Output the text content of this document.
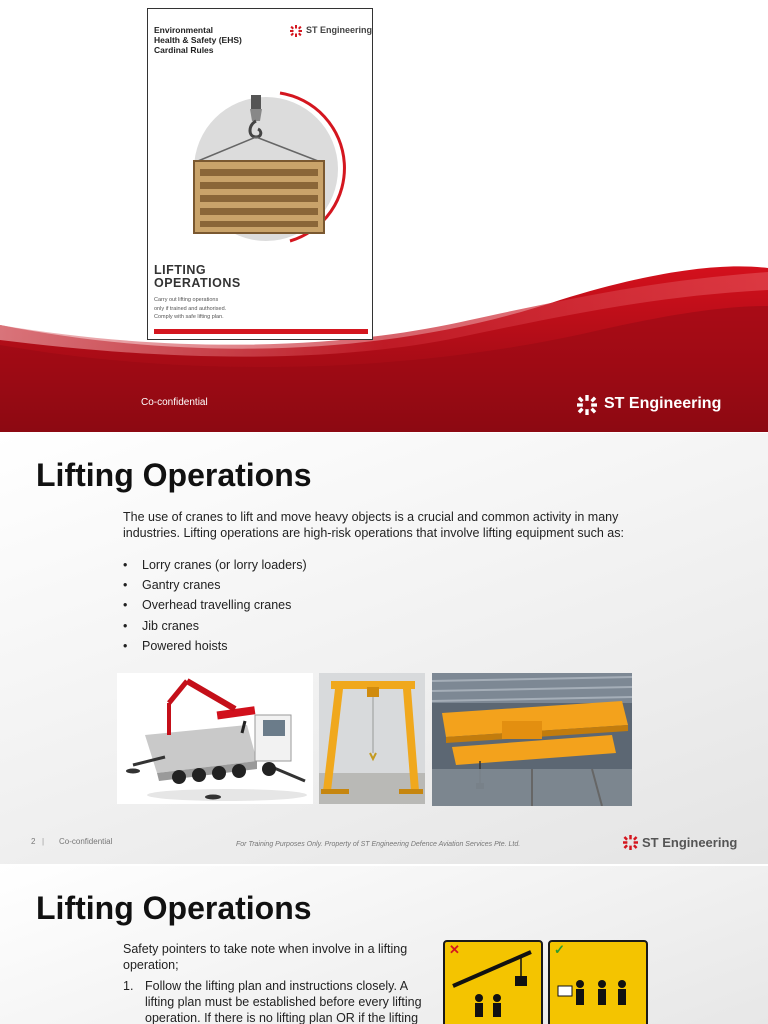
Environmental
Health & Safety (EHS)
Cardinal Rules
ST Engineering
LIFTING
OPERATIONS
Carry out lifting operations
only if trained and authorised.
Comply with safe lifting plan.
Co-confidential	ST Engineering
Lifting Operations
The use of cranes to lift and move heavy objects is a crucial and common activity in many industries. Lifting operations are high-risk operations that involve lifting equipment such as:
• Lorry cranes (or lorry loaders)
• Gantry cranes
• Overhead travelling cranes
• Jib cranes
• Powered hoists
2 | Co-confidential	For Training Purposes Only. Property of ST Engineering Defence Aviation Services Pte. Ltd.	ST Engineering
Lifting Operations
Safety pointers to take note when involve in a lifting operation;
1. Follow the lifting plan and instructions closely. A lifting plan must be established before every lifting operation. If there is no lifting plan OR if the lifting
✕	✓
